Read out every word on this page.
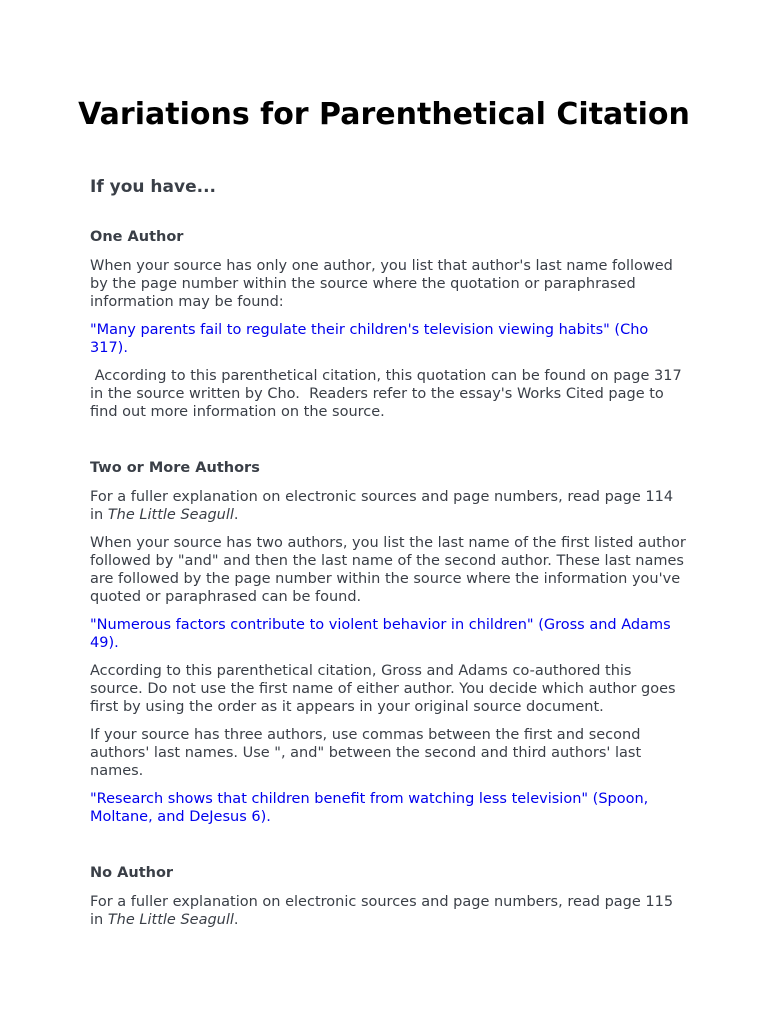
Variations for Parenthetical Citation
If you have...
One Author

When your source has only one author, you list that author's last name followed by the page number within the source where the quotation or paraphrased information may be found:

"Many parents fail to regulate their children's television viewing habits" (Cho 317).

According to this parenthetical citation, this quotation can be found on page 317 in the source written by Cho.  Readers refer to the essay's Works Cited page to find out more information on the source.

Two or More Authors

For a fuller explanation on electronic sources and page numbers, read page 114 in The Little Seagull.

When your source has two authors, you list the last name of the first listed author followed by "and" and then the last name of the second author. These last names are followed by the page number within the source where the information you've quoted or paraphrased can be found.

"Numerous factors contribute to violent behavior in children" (Gross and Adams 49).

According to this parenthetical citation, Gross and Adams co-authored this source. Do not use the first name of either author. You decide which author goes first by using the order as it appears in your original source document.

If your source has three authors, use commas between the first and second authors' last names. Use ", and" between the second and third authors' last names.

"Research shows that children benefit from watching less television" (Spoon, Moltane, and DeJesus 6).

No Author

For a fuller explanation on electronic sources and page numbers, read page 115 in The Little Seagull.
